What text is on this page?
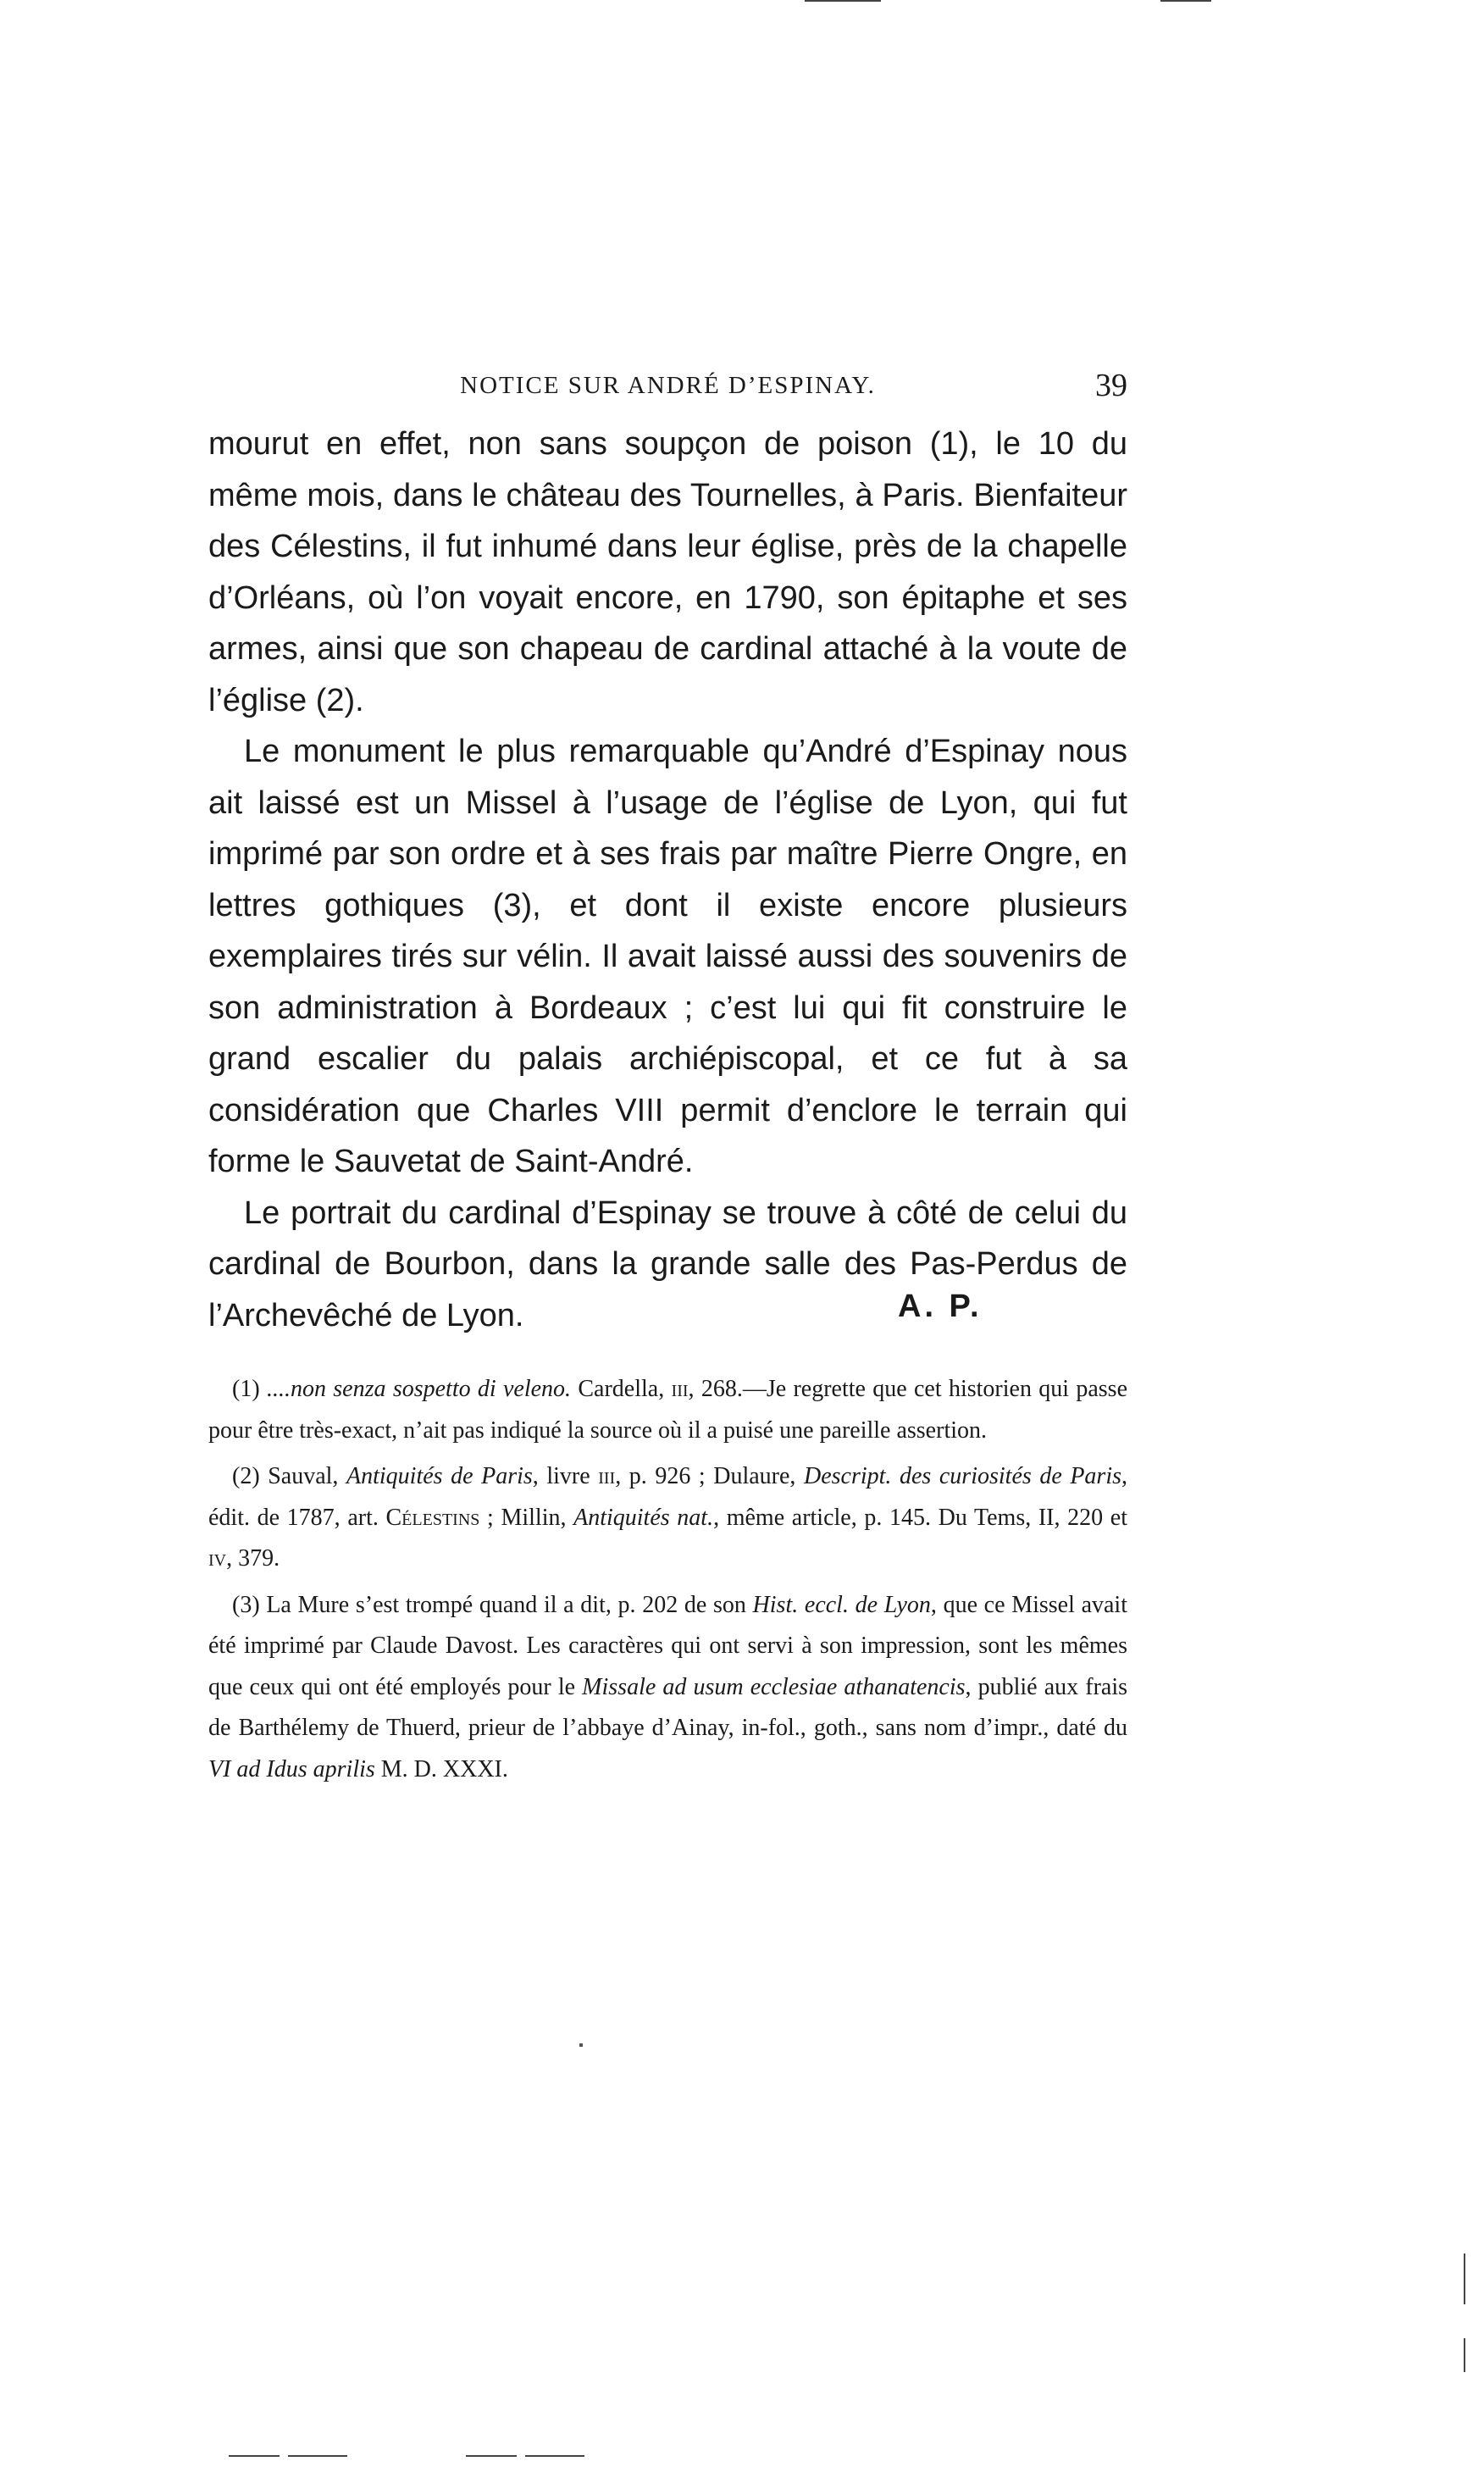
NOTICE SUR ANDRÉ D’ESPINAY.	39

mourut en effet, non sans soupçon de poison (1), le 10 du même mois, dans le château des Tournelles, à Paris. Bienfaiteur des Célestins, il fut inhumé dans leur église, près de la chapelle d’Orléans, où l’on voyait encore, en 1790, son épitaphe et ses armes, ainsi que son chapeau de cardinal attaché à la voute de l’église (2).

Le monument le plus remarquable qu’André d’Espinay nous ait laissé est un Missel à l’usage de l’église de Lyon, qui fut imprimé par son ordre et à ses frais par maître Pierre Ongre, en lettres gothiques (3), et dont il existe encore plusieurs exemplaires tirés sur vélin. Il avait laissé aussi des souvenirs de son administration à Bordeaux ; c’est lui qui fit construire le grand escalier du palais archiépiscopal, et ce fut à sa considération que Charles VIII permit d’enclore le terrain qui forme le Sauvetat de Saint-André.

Le portrait du cardinal d’Espinay se trouve à côté de celui du cardinal de Bourbon, dans la grande salle des Pas-Perdus de l’Archevêché de Lyon.	A. P.

(1) ....non senza sospetto di veleno. Cardella, iii, 268.—Je regrette que cet historien qui passe pour être très-exact, n’ait pas indiqué la source où il a puisé une pareille assertion.

(2) Sauval, Antiquités de Paris, livre iii, p. 926 ; Dulaure, Descript. des curiosités de Paris, édit. de 1787, art. Célestins ; Millin, Antiquités nat., même article, p. 145. Du Tems, II, 220 et iv, 379.

(3) La Mure s’est trompé quand il a dit, p. 202 de son Hist. eccl. de Lyon, que ce Missel avait été imprimé par Claude Davost. Les caractères qui ont servi à son impression, sont les mêmes que ceux qui ont été employés pour le Missale ad usum ecclesiae athanatencis, publié aux frais de Barthélemy de Thuerd, prieur de l’abbaye d’Ainay, in-fol., goth., sans nom d’impr., daté du VI ad Idus aprilis M. D. XXXI.
